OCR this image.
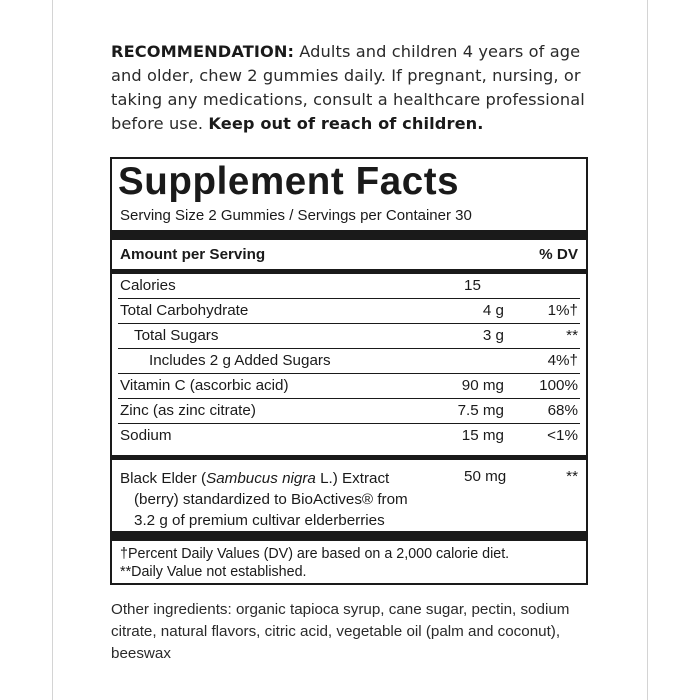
RECOMMENDATION: Adults and children 4 years of age and older, chew 2 gummies daily. If pregnant, nursing, or taking any medications, consult a healthcare professional before use. Keep out of reach of children.
Supplement Facts
Serving Size 2 Gummies / Servings per Container 30
Amount per Serving	% DV
Calories	15
Total Carbohydrate	4 g	1%†
Total Sugars	3 g	**
Includes 2 g Added Sugars	4%†
Vitamin C (ascorbic acid)	90 mg 100%
Zinc (as zinc citrate)	7.5 mg	68%
Sodium	15 mg	<1%
Black Elder (Sambucus nigra L.) Extract
(berry) standardized to BioActives® from
3.2 g of premium cultivar elderberries
50 mg	**
†Percent Daily Values (DV) are based on a 2,000 calorie diet.
**Daily Value not established.
Other ingredients: organic tapioca syrup, cane sugar, pectin, sodium citrate, natural flavors, citric acid, vegetable oil (palm and coconut), beeswax
